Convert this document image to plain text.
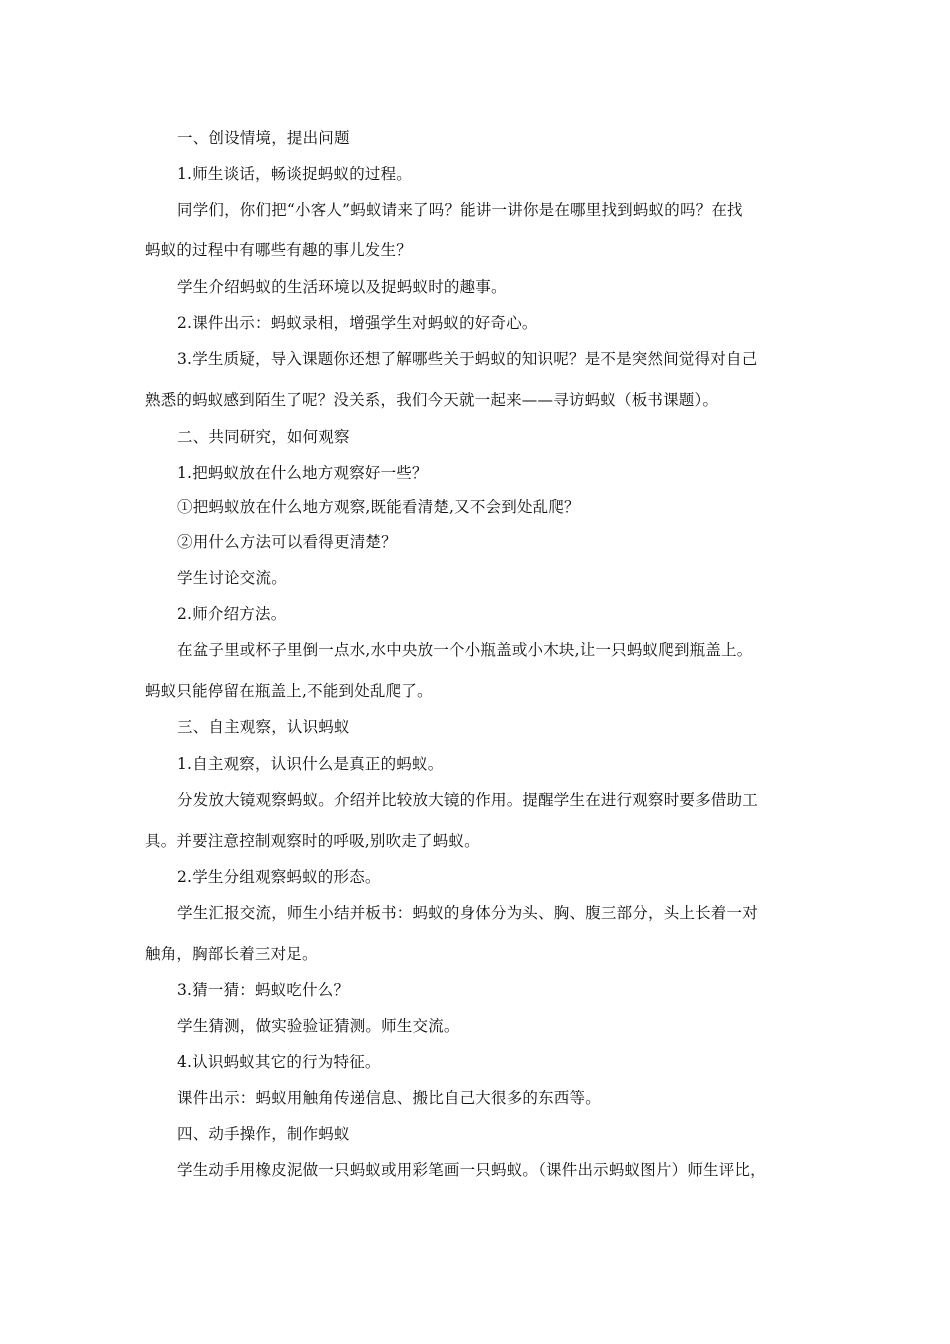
一、创设情境，提出问题
1.师生谈话，畅谈捉蚂蚁的过程。
同学们，你们把“小客人”蚂蚁请来了吗？能讲一讲你是在哪里找到蚂蚁的吗？在找
蚂蚁的过程中有哪些有趣的事儿发生？
学生介绍蚂蚁的生活环境以及捉蚂蚁时的趣事。
2.课件出示：蚂蚁录相，增强学生对蚂蚁的好奇心。
3.学生质疑，导入课题你还想了解哪些关于蚂蚁的知识呢？是不是突然间觉得对自己
熟悉的蚂蚁感到陌生了呢？没关系，我们今天就一起来——寻访蚂蚁（板书课题）。
二、共同研究，如何观察
1.把蚂蚁放在什么地方观察好一些？
①把蚂蚁放在什么地方观察,既能看清楚,又不会到处乱爬？
②用什么方法可以看得更清楚？
学生讨论交流。
2.师介绍方法。
在盆子里或杯子里倒一点水,水中央放一个小瓶盖或小木块,让一只蚂蚁爬到瓶盖上。
蚂蚁只能停留在瓶盖上,不能到处乱爬了。
三、自主观察，认识蚂蚁
1.自主观察，认识什么是真正的蚂蚁。
分发放大镜观察蚂蚁。介绍并比较放大镜的作用。提醒学生在进行观察时要多借助工
具。并要注意控制观察时的呼吸,别吹走了蚂蚁。
2.学生分组观察蚂蚁的形态。
学生汇报交流，师生小结并板书：蚂蚁的身体分为头、胸、腹三部分，头上长着一对
触角，胸部长着三对足。
3.猜一猜：蚂蚁吃什么？
学生猜测，做实验验证猜测。师生交流。
4.认识蚂蚁其它的行为特征。
课件出示：蚂蚁用触角传递信息、搬比自己大很多的东西等。
四、动手操作，制作蚂蚁
学生动手用橡皮泥做一只蚂蚁或用彩笔画一只蚂蚁。（课件出示蚂蚁图片）师生评比，
